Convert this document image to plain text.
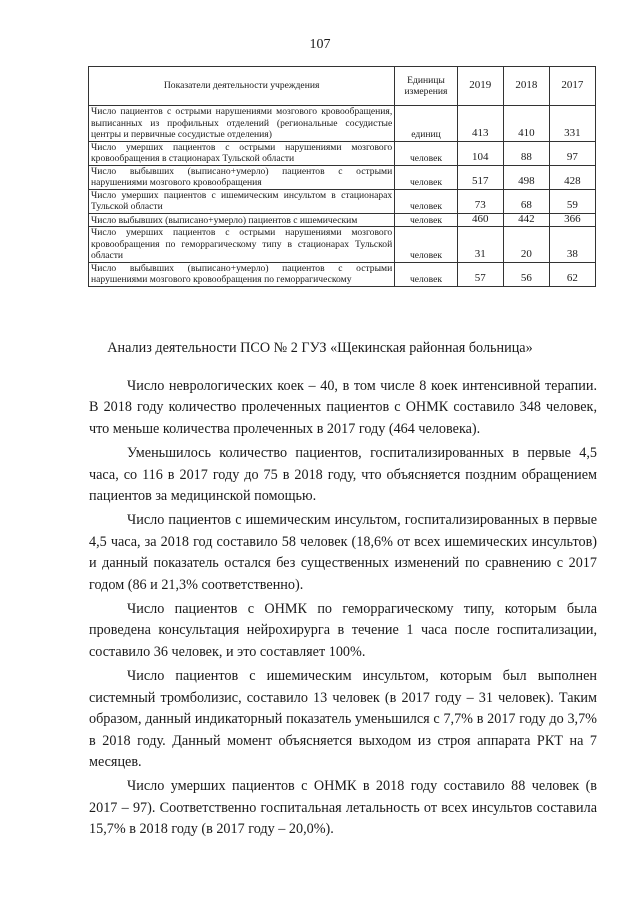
107
Показатели деятельности учреждения	Единицы измерения	2019	2018	2017
Число пациентов с острыми нарушениями мозгового кровообращения, выписанных из профильных отделений (региональные сосудистые центры и первичные сосудистые отделения)	единиц	413	410	331
Число умерших пациентов с острыми нарушениями мозгового кровообращения в стационарах Тульской области	человек	104	88	97
Число выбывших (выписано+умерло) пациентов с острыми нарушениями мозгового кровообращения	человек	517	498	428
Число умерших пациентов с ишемическим инсультом в стационарах Тульской области	человек	73	68	59
Число выбывших (выписано+умерло) пациентов с ишемическим	человек	460	442	366
Число умерших пациентов с острыми нарушениями мозгового кровообращения по геморрагическому типу в стационарах Тульской области	человек	31	20	38
Число выбывших (выписано+умерло) пациентов с острыми нарушениями мозгового кровообращения по геморрагическому	человек	57	56	62
Анализ деятельности ПСО № 2 ГУЗ «Щекинская районная больница»

Число неврологических коек – 40, в том числе 8 коек интенсивной терапии. В 2018 году количество пролеченных пациентов с ОНМК составило 348 человек, что меньше количества пролеченных в 2017 году (464 человека).

Уменьшилось количество пациентов, госпитализированных в первые 4,5 часа, со 116 в 2017 году до 75 в 2018 году, что объясняется поздним обращением пациентов за медицинской помощью.

Число пациентов с ишемическим инсультом, госпитализированных в первые 4,5 часа, за 2018 год составило 58 человек (18,6% от всех ишемических инсультов) и данный показатель остался без существенных изменений по сравнению с 2017 годом (86 и 21,3% соответственно).

Число пациентов с ОНМК по геморрагическому типу, которым была проведена консультация нейрохирурга в течение 1 часа после госпитализации, составило 36 человек, и это составляет 100%.

Число пациентов с ишемическим инсультом, которым был выполнен системный тромболизис, составило 13 человек (в 2017 году – 31 человек). Таким образом, данный индикаторный показатель уменьшился с 7,7% в 2017 году до 3,7% в 2018 году. Данный момент объясняется выходом из строя аппарата РКТ на 7 месяцев.

Число умерших пациентов с ОНМК в 2018 году составило 88 человек (в 2017 – 97). Соответственно госпитальная летальность от всех инсультов составила 15,7% в 2018 году (в 2017 году – 20,0%).
